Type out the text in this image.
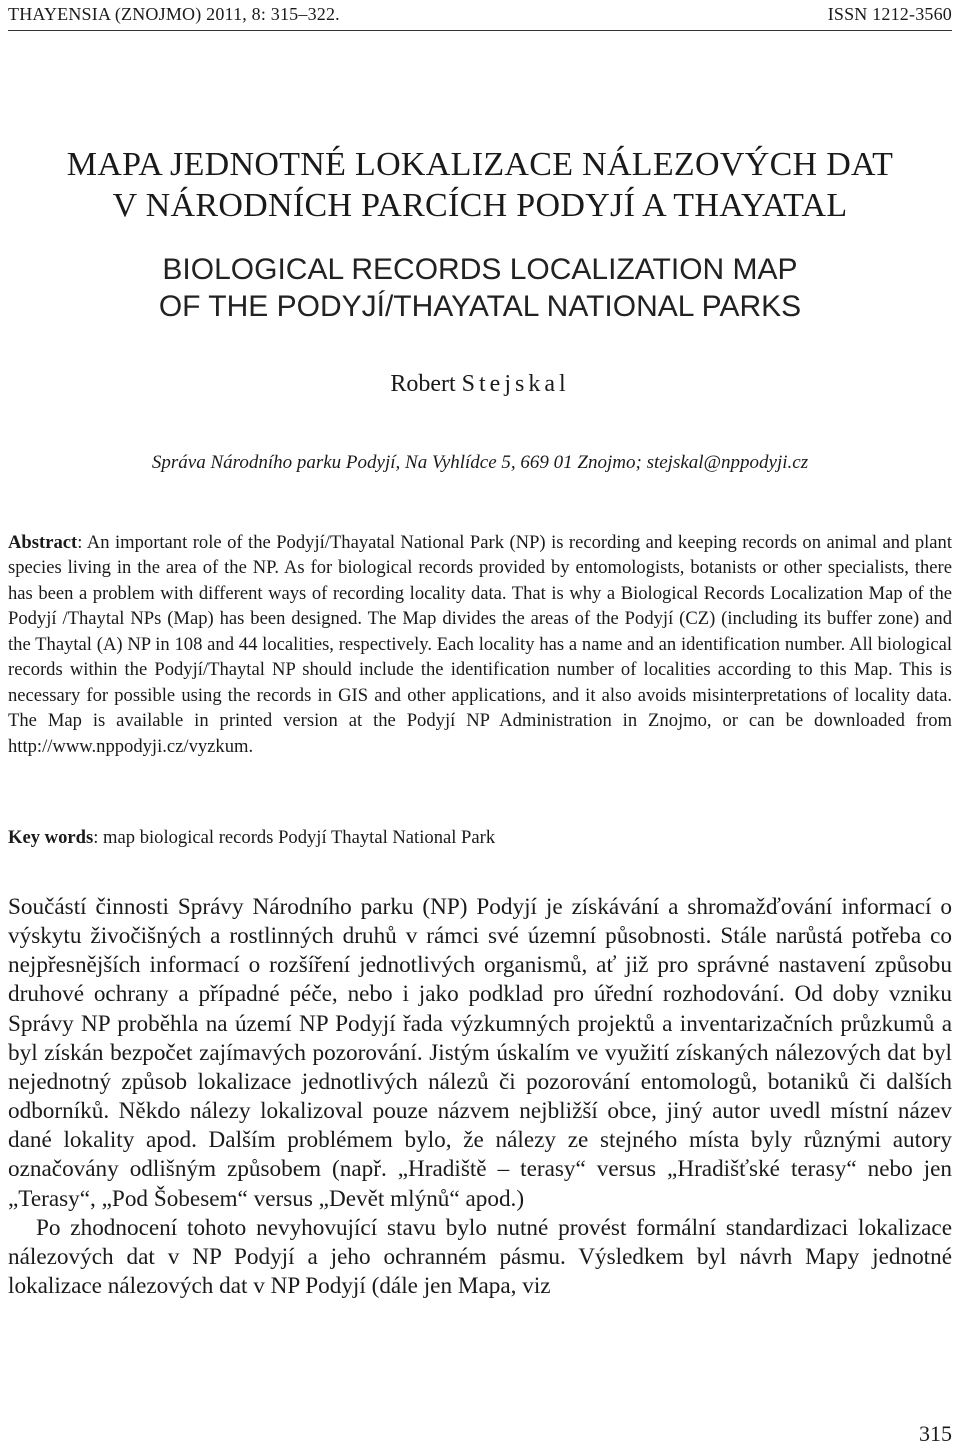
THAYENSIA (ZNOJMO) 2011, 8: 315–322.	ISSN 1212-3560
MAPA JEDNOTNÉ LOKALIZACE NÁLEZOVÝCH DAT
V NÁRODNÍCH PARCÍCH PODYJÍ A THAYATAL
BIOLOGICAL RECORDS LOCALIZATION MAP
OF THE PODYJÍ/THAYATAL NATIONAL PARKS
Robert Stejskal
Správa Národního parku Podyjí, Na Vyhlídce 5, 669 01 Znojmo; stejskal@nppodyji.cz

Abstract: An important role of the Podyjí/Thayatal National Park (NP) is recording and keeping records on animal and plant species living in the area of the NP. As for biological records provided by entomologists, botanists or other specialists, there has been a problem with different ways of recording locality data. That is why a Biological Records Localization Map of the Podyjí /Thaytal NPs (Map) has been designed. The Map divides the areas of the Podyjí (CZ) (including its buffer zone) and the Thaytal (A) NP in 108 and 44 localities, respectively. Each locality has a name and an identification number. All biological records within the Podyjí/Thaytal NP should include the identification number of localities according to this Map. This is necessary for possible using the records in GIS and other applications, and it also avoids misinterpretations of locality data. The Map is available in printed version at the Podyjí NP Administration in Znojmo, or can be downloaded from http://www.nppodyji.cz/vyzkum.

Key words: map biological records Podyjí Thaytal National Park

Součástí činnosti Správy Národního parku (NP) Podyjí je získávání a shromažďování informací o výskytu živočišných a rostlinných druhů v rámci své územní působnosti. Stále narůstá potřeba co nejpřesnějších informací o rozšíření jednotlivých organismů, ať již pro správné nastavení způsobu druhové ochrany a případné péče, nebo i jako podklad pro úřední rozhodování. Od doby vzniku Správy NP proběhla na území NP Podyjí řada výzkumných projektů a inventarizačních průzkumů a byl získán bezpočet zajímavých pozorování. Jistým úskalím ve využití získaných nálezových dat byl nejednotný způsob lokalizace jednotlivých nálezů či pozorování entomologů, botaniků či dalších odborníků. Někdo nálezy lokalizoval pouze názvem nejbližší obce, jiný autor uvedl místní název dané lokality apod. Dalším problémem bylo, že nálezy ze stejného místa byly různými autory označovány odlišným způsobem (např. „Hradiště – terasy“ versus „Hradišťské terasy“ nebo jen „Terasy“, „Pod Šobesem“ versus „Devět mlýnů“ apod.)

Po zhodnocení tohoto nevyhovující stavu bylo nutné provést formální standardizaci lokalizace nálezových dat v NP Podyjí a jeho ochranném pásmu. Výsledkem byl návrh Mapy jednotné lokalizace nálezových dat v NP Podyjí (dále jen Mapa, viz

315
